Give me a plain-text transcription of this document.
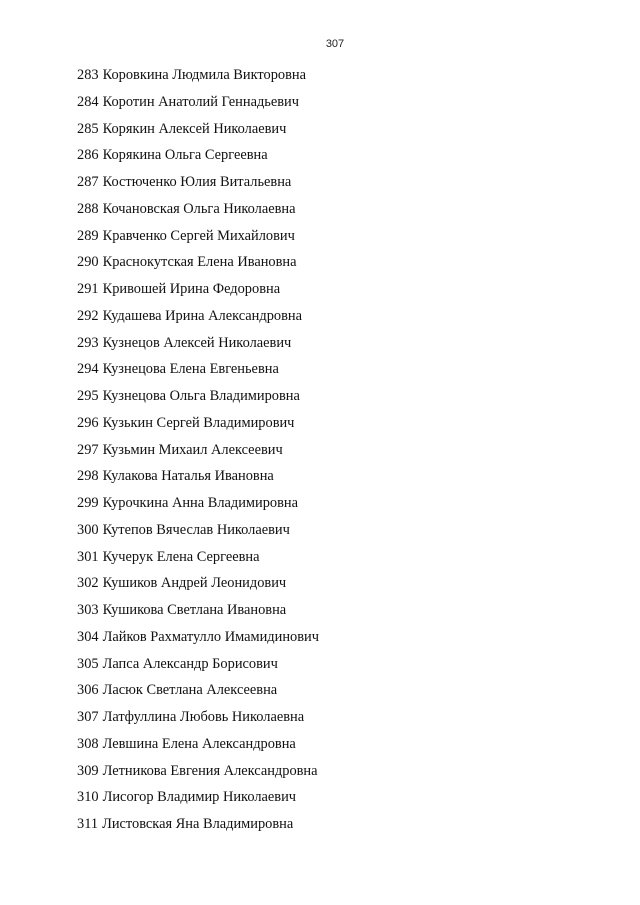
307
283 Коровкина Людмила Викторовна
284 Коротин Анатолий Геннадьевич
285 Корякин Алексей Николаевич
286 Корякина Ольга Сергеевна
287 Костюченко Юлия Витальевна
288 Кочановская Ольга Николаевна
289 Кравченко Сергей Михайлович
290 Краснокутская Елена Ивановна
291 Кривошей Ирина Федоровна
292 Кудашева Ирина Александровна
293 Кузнецов Алексей Николаевич
294 Кузнецова Елена Евгеньевна
295 Кузнецова Ольга Владимировна
296 Кузькин Сергей Владимирович
297 Кузьмин Михаил Алексеевич
298 Кулакова Наталья Ивановна
299 Курочкина Анна Владимировна
300 Кутепов Вячеслав Николаевич
301 Кучерук Елена Сергеевна
302 Кушиков Андрей Леонидович
303 Кушикова Светлана Ивановна
304 Лайков Рахматулло Имамидинович
305 Лапса Александр Борисович
306 Ласюк Светлана Алексеевна
307 Латфуллина Любовь Николаевна
308 Левшина Елена Александровна
309 Летникова Евгения Александровна
310 Лисогор Владимир Николаевич
311 Листовская Яна Владимировна
